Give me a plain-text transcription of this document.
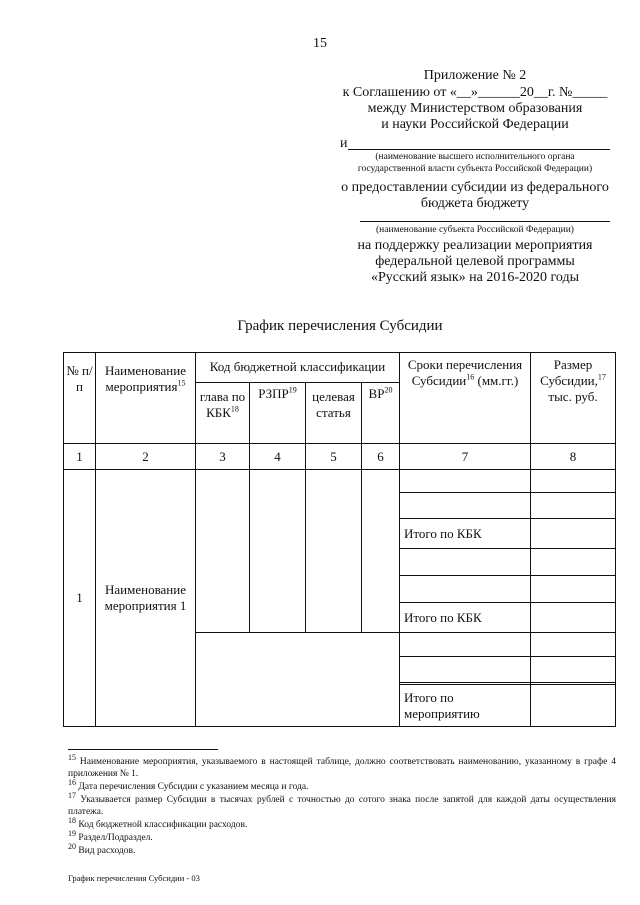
15
Приложение № 2
к Соглашению от «__»______20__г. №_____
между Министерством образования
и науки Российской Федерации
и
(наименование высшего исполнительного органа
государственной власти субъекта Российской Федерации)
о предоставлении субсидии из федерального
бюджета бюджету
(наименование субъекта Российской Федерации)
на поддержку реализации мероприятия
федеральной целевой программы
«Русский язык» на 2016-2020 годы
График перечисления Субсидии
№ п/п	Наименование мероприятия$^{15}$	Код бюджетной классификации				Сроки перечисления Субсидии$^{16}$ (мм.гг.)	Размер Субсидии,$^{17}$ тыс. руб.
		глава по КБК$^{18}$	РЗПР$^{19}$	целевая статья	ВР$^{20}$
1	2	3	4	5	6	7	8
1	Наименование мероприятия 1						

						Итого по КБК	

						Итого по КБК	

						Итого по мероприятию	
$^{15}$ Наименование мероприятия, указываемого в настоящей таблице, должно соответствовать наименованию, указанному в графе 4 приложения № 1.
$^{16}$ Дата перечисления Субсидии с указанием месяца и года.
$^{17}$ Указывается размер Субсидии в тысячах рублей с точностью до сотого знака после запятой для каждой даты осуществления платежа.
$^{18}$ Код бюджетной классификации расходов.
$^{19}$ Раздел/Подраздел.
$^{20}$ Вид расходов.
График перечисления Субсидии - 03
